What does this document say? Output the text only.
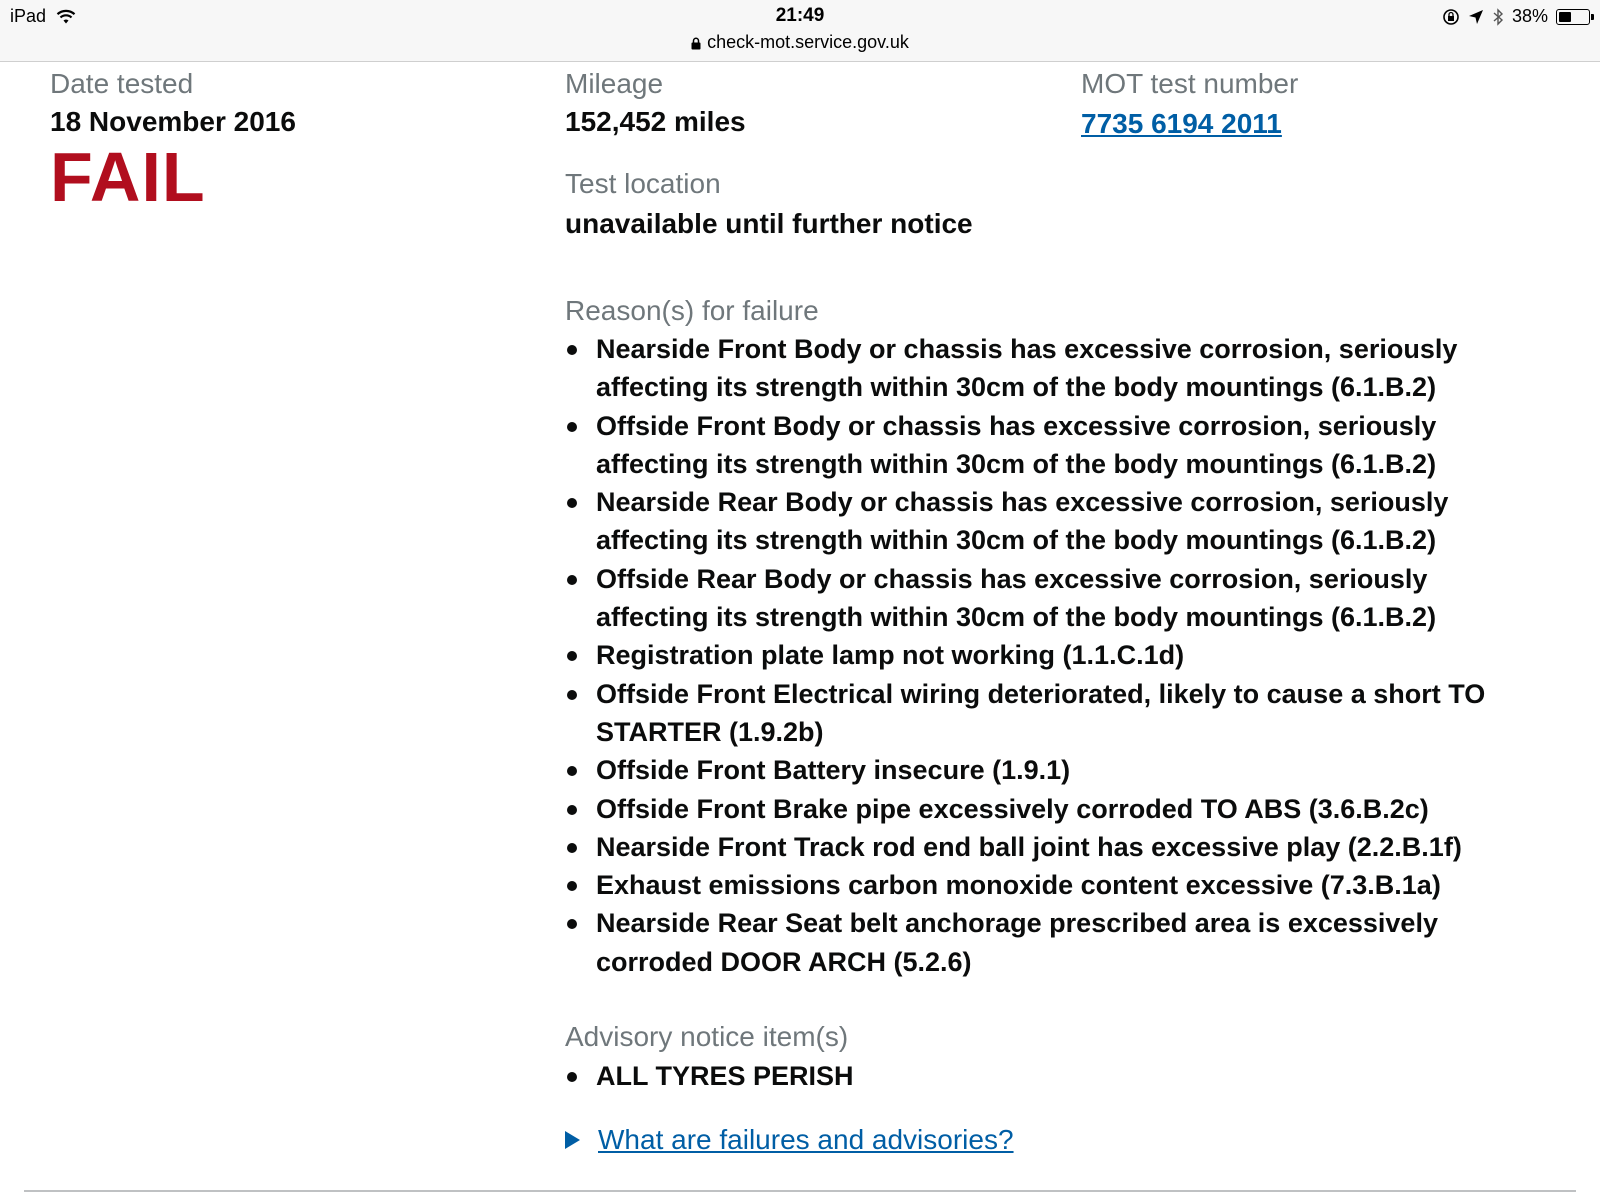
iPad	21:49
check-mot.service.gov.uk
38%
Date tested
18 November 2016
FAIL
Mileage
152,452 miles
Test location
unavailable until further notice
MOT test number
7735 6194 2011
Reason(s) for failure
Nearside Front Body or chassis has excessive corrosion, seriously affecting its strength within 30cm of the body mountings (6.1.B.2)
Offside Front Body or chassis has excessive corrosion, seriously affecting its strength within 30cm of the body mountings (6.1.B.2)
Nearside Rear Body or chassis has excessive corrosion, seriously affecting its strength within 30cm of the body mountings (6.1.B.2)
Offside Rear Body or chassis has excessive corrosion, seriously affecting its strength within 30cm of the body mountings (6.1.B.2)
Registration plate lamp not working (1.1.C.1d)
Offside Front Electrical wiring deteriorated, likely to cause a short TO STARTER (1.9.2b)
Offside Front Battery insecure (1.9.1)
Offside Front Brake pipe excessively corroded TO ABS (3.6.B.2c)
Nearside Front Track rod end ball joint has excessive play (2.2.B.1f)
Exhaust emissions carbon monoxide content excessive (7.3.B.1a)
Nearside Rear Seat belt anchorage prescribed area is excessively corroded DOOR ARCH (5.2.6)
Advisory notice item(s)
ALL TYRES PERISH
What are failures and advisories?
